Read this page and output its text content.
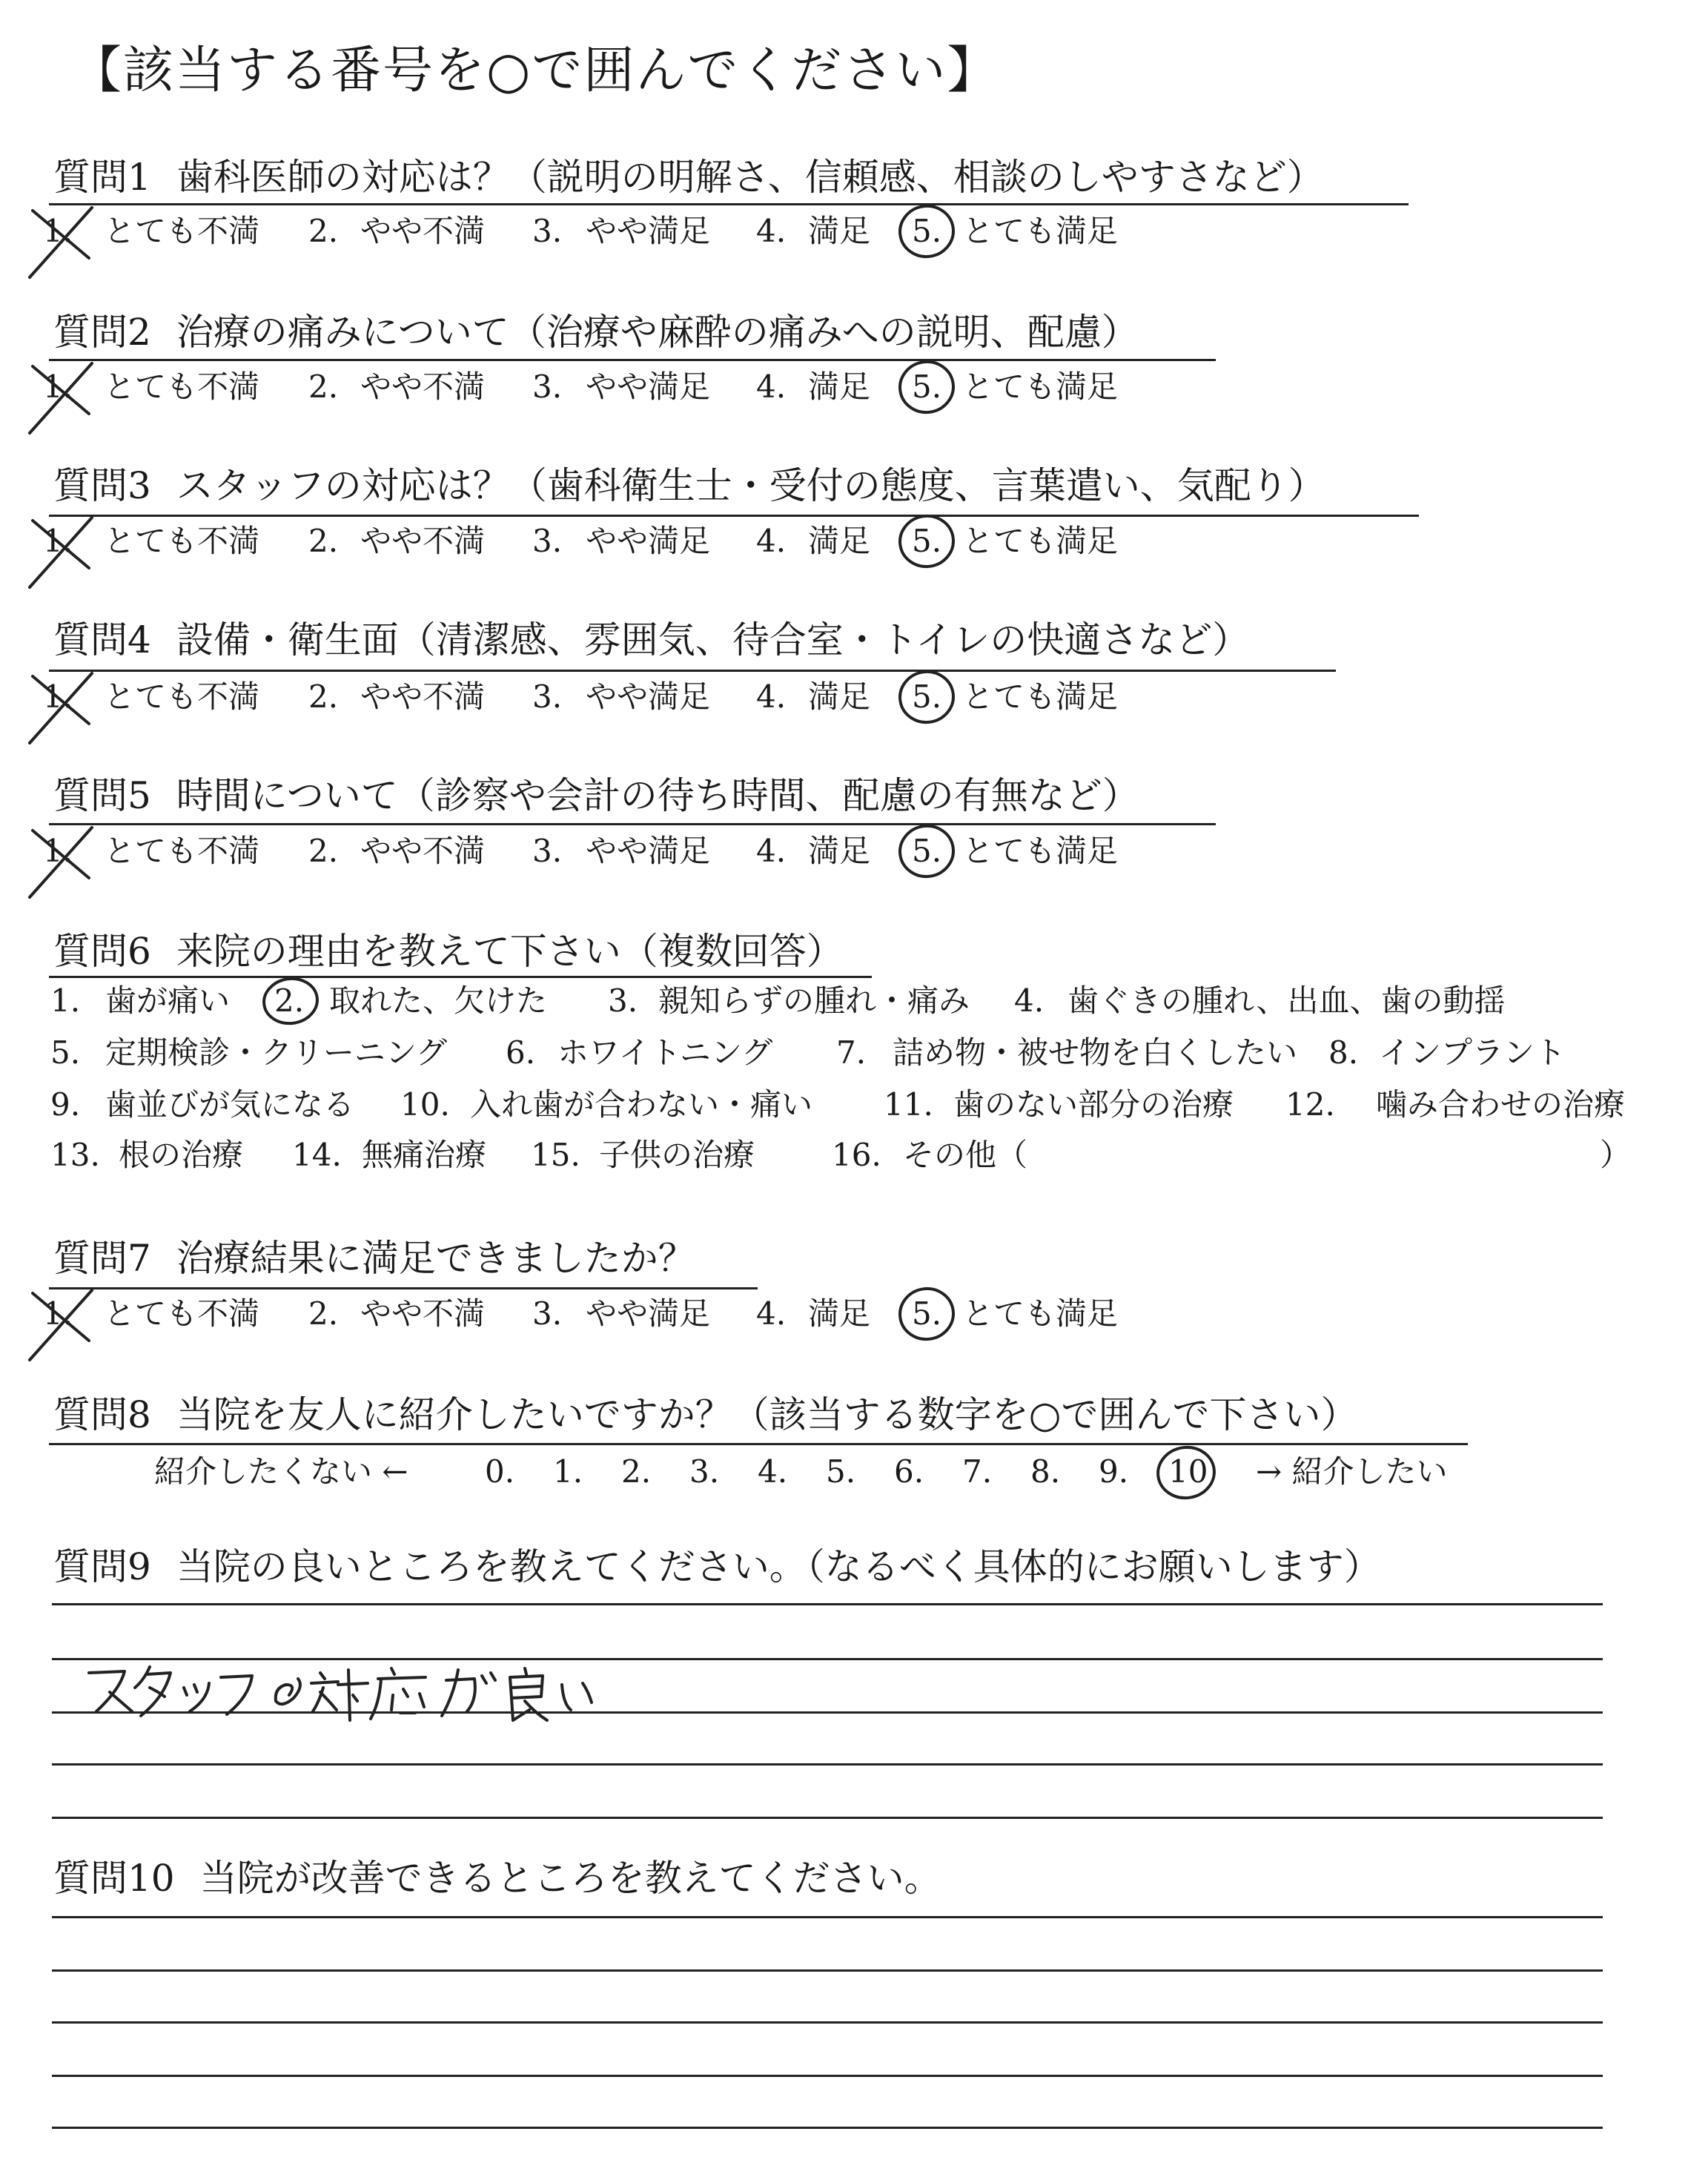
【該当する番号を○で囲んでください】
質問1 歯科医師の対応は？（説明の明解さ、信頼感、相談のしやすさなど）
1. とても不満 2. やや不満 3. やや満足 4. 満足 5. とても満足
質問2 治療の痛みについて（治療や麻酔の痛みへの説明、配慮）
1. とても不満 2. やや不満 3. やや満足 4. 満足 5. とても満足
質問3 スタッフの対応は？（歯科衛生士・受付の態度、言葉遣い、気配り）
1. とても不満 2. やや不満 3. やや満足 4. 満足 5. とても満足
質問4 設備・衛生面（清潔感、雰囲気、待合室・トイレの快適さなど）
1. とても不満 2. やや不満 3. やや満足 4. 満足 5. とても満足
質問5 時間について（診察や会計の待ち時間、配慮の有無など）
1. とても不満 2. やや不満 3. やや満足 4. 満足 5. とても満足
質問6 来院の理由を教えて下さい（複数回答）
1. 歯が痛い 2. 取れた、欠けた 3. 親知らずの腫れ・痛み 4. 歯ぐきの腫れ、出血、歯の動揺
5. 定期検診・クリーニング 6. ホワイトニング 7. 詰め物・被せ物を白くしたい 8. インプラント
9. 歯並びが気になる 10. 入れ歯が合わない・痛い 11. 歯のない部分の治療 12. 噛み合わせの治療
13. 根の治療 14. 無痛治療 15. 子供の治療 16. その他（	）
質問7 治療結果に満足できましたか？
1. とても不満 2. やや不満 3. やや満足 4. 満足 5. とても満足
質問8 当院を友人に紹介したいですか？（該当する数字を○で囲んで下さい）
紹介したくない ←	→ 紹介したい
0. 1. 2. 3. 4. 5. 6. 7. 8. 9. 10
質問9 当院の良いところを教えてください。（なるべく具体的にお願いします）
質問10 当院が改善できるところを教えてください。
